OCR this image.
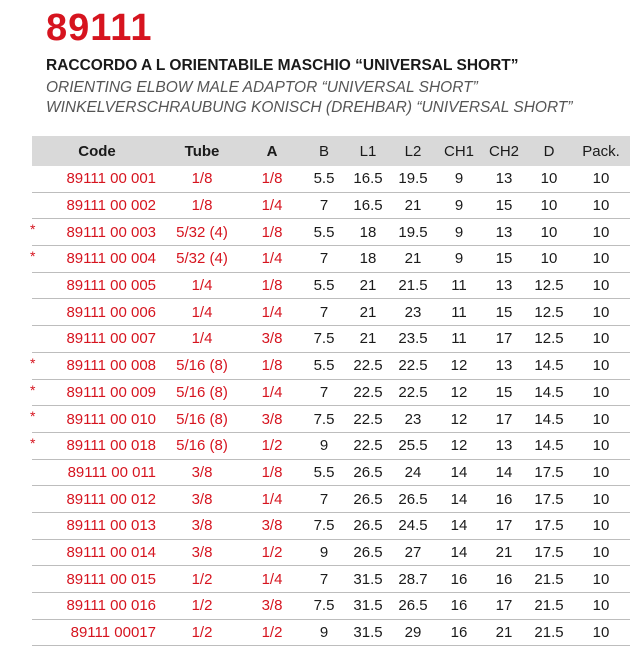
89111
RACCORDO A L ORIENTABILE MASCHIO “UNIVERSAL SHORT”
ORIENTING ELBOW MALE ADAPTOR “UNIVERSAL SHORT”
WINKELVERSCHRAUBUNG KONISCH (DREHBAR) “UNIVERSAL SHORT”
Code	Tube	A	B	L1	L2	CH1	CH2	D	Pack.
89111 00 001	1/8	1/8	5.5	16.5	19.5	9	13	10	10
89111 00 002	1/8	1/4	7	16.5	21	9	15	10	10

* 89111 00 003	5/32 (4)	1/8	5.5	18	19.5	9	13	10	10

* 89111 00 004	5/32 (4)	1/4	7	18	21	9	15	10	10
89111 00 005	1/4	1/8	5.5	21	21.5	11	13	12.5	10
89111 00 006	1/4	1/4	7	21	23	11	15	12.5	10
89111 00 007	1/4	3/8	7.5	21	23.5	11	17	12.5	10

* 89111 00 008	5/16 (8)	1/8	5.5	22.5	22.5	12	13	14.5	10

* 89111 00 009	5/16 (8)	1/4	7	22.5	22.5	12	15	14.5	10

* 89111 00 010	5/16 (8)	3/8	7.5	22.5	23	12	17	14.5	10

* 89111 00 018	5/16 (8)	1/2	9	22.5	25.5	12	13	14.5	10
89111 00 011	3/8	1/8	5.5	26.5	24	14	14	17.5	10
89111 00 012	3/8	1/4	7	26.5	26.5	14	16	17.5	10
89111 00 013	3/8	3/8	7.5	26.5	24.5	14	17	17.5	10
89111 00 014	3/8	1/2	9	26.5	27	14	21	17.5	10
89111 00 015	1/2	1/4	7	31.5	28.7	16	16	21.5	10
89111 00 016	1/2	3/8	7.5	31.5	26.5	16	17	21.5	10
89111 00017	1/2	1/2	9	31.5	29	16	21	21.5	10
